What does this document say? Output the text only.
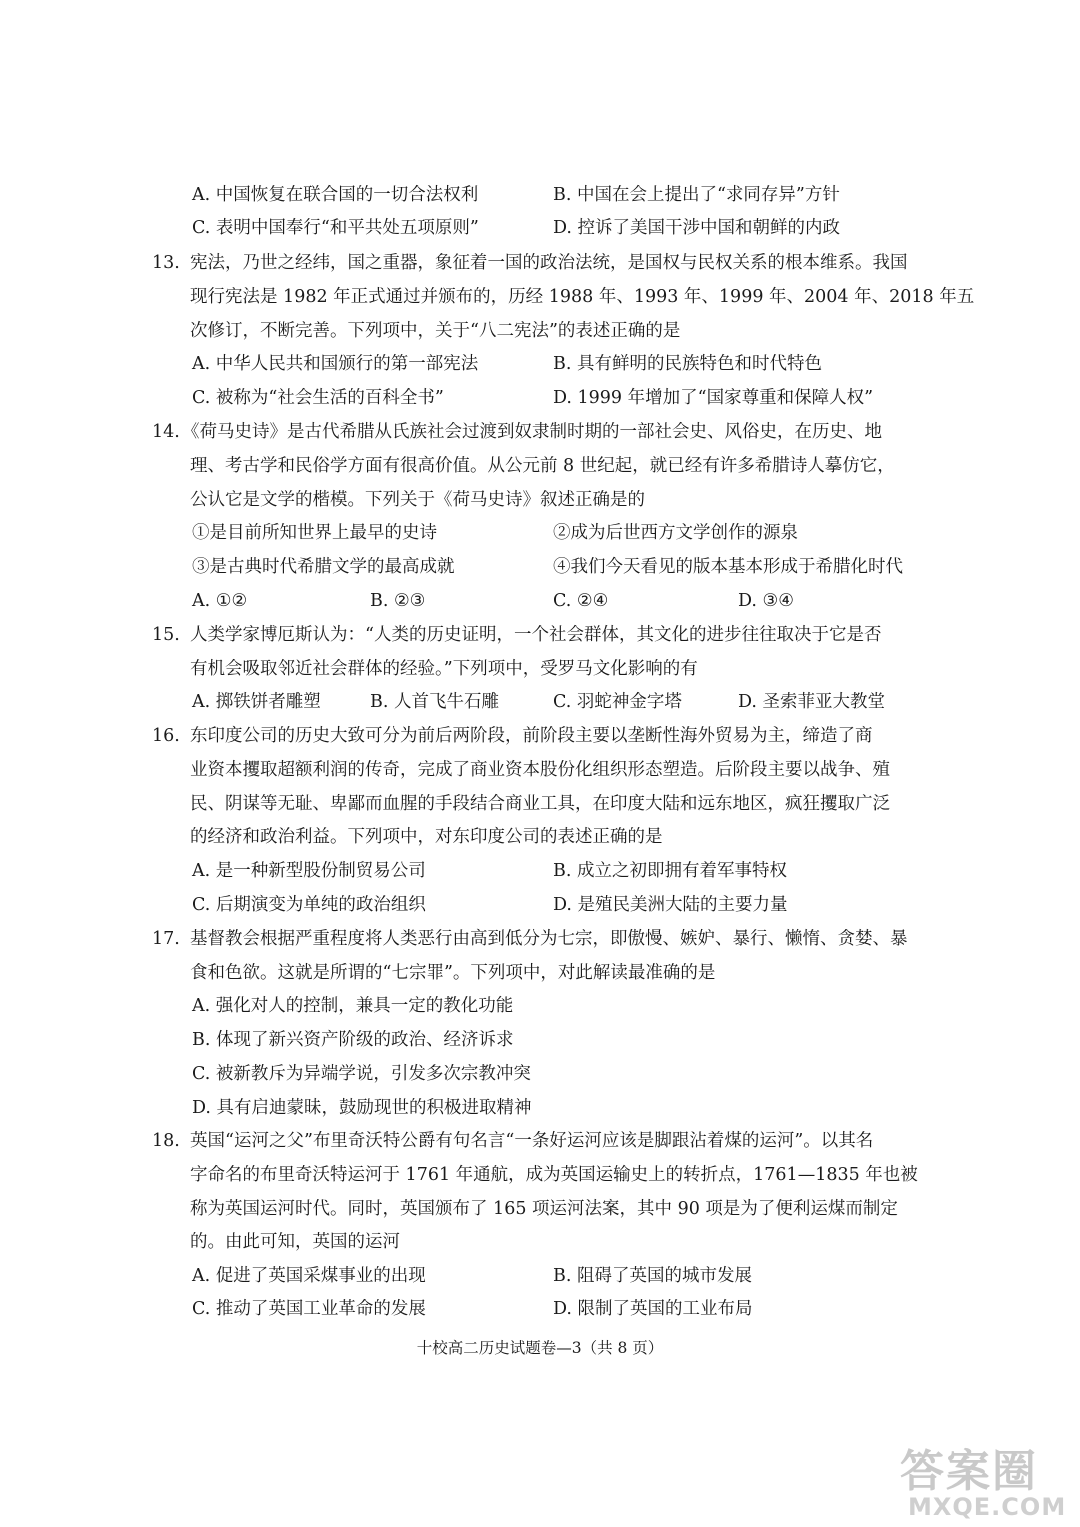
A. 中国恢复在联合国的一切合法权利	B. 中国在会上提出了“求同存异”方针
C. 表明中国奉行“和平共处五项原则”	D. 控诉了美国干涉中国和朝鲜的内政
13. 宪法，乃世之经纬，国之重器，象征着一国的政治法统，是国权与民权关系的根本维系。我国
现行宪法是 1982 年正式通过并颁布的，历经 1988 年、1993 年、1999 年、2004 年、2018 年五
次修订，不断完善。下列项中，关于“八二宪法”的表述正确的是
A. 中华人民共和国颁行的第一部宪法	B. 具有鲜明的民族特色和时代特色
C. 被称为“社会生活的百科全书”	D. 1999 年增加了“国家尊重和保障人权”
14. 《荷马史诗》是古代希腊从氏族社会过渡到奴隶制时期的一部社会史、风俗史，在历史、地
理、考古学和民俗学方面有很高价值。从公元前 8 世纪起，就已经有许多希腊诗人摹仿它，
公认它是文学的楷模。下列关于《荷马史诗》叙述正确是的
①是目前所知世界上最早的史诗	②成为后世西方文学创作的源泉
③是古典时代希腊文学的最高成就	④我们今天看见的版本基本形成于希腊化时代
A. ①②	B. ②③	C. ②④	D. ③④
15. 人类学家博厄斯认为：“人类的历史证明，一个社会群体，其文化的进步往往取决于它是否
有机会吸取邻近社会群体的经验。”下列项中，受罗马文化影响的有
A. 掷铁饼者雕塑	B. 人首飞牛石雕	C. 羽蛇神金字塔	D. 圣索菲亚大教堂
16. 东印度公司的历史大致可分为前后两阶段，前阶段主要以垄断性海外贸易为主，缔造了商
业资本攫取超额利润的传奇，完成了商业资本股份化组织形态塑造。后阶段主要以战争、殖
民、阴谋等无耻、卑鄙而血腥的手段结合商业工具，在印度大陆和远东地区，疯狂攫取广泛
的经济和政治利益。下列项中，对东印度公司的表述正确的是
A. 是一种新型股份制贸易公司	B. 成立之初即拥有着军事特权
C. 后期演变为单纯的政治组织	D. 是殖民美洲大陆的主要力量
17. 基督教会根据严重程度将人类恶行由高到低分为七宗，即傲慢、嫉妒、暴行、懒惰、贪婪、暴
食和色欲。这就是所谓的“七宗罪”。下列项中，对此解读最准确的是
A. 强化对人的控制，兼具一定的教化功能
B. 体现了新兴资产阶级的政治、经济诉求
C. 被新教斥为异端学说，引发多次宗教冲突
D. 具有启迪蒙昧，鼓励现世的积极进取精神
18. 英国“运河之父”布里奇沃特公爵有句名言“一条好运河应该是脚跟沾着煤的运河”。以其名
字命名的布里奇沃特运河于 1761 年通航，成为英国运输史上的转折点，1761—1835 年也被
称为英国运河时代。同时，英国颁布了 165 项运河法案，其中 90 项是为了便利运煤而制定
的。由此可知，英国的运河
A. 促进了英国采煤事业的出现	B. 阻碍了英国的城市发展
C. 推动了英国工业革命的发展	D. 限制了英国的工业布局
十校高二历史试题卷—3（共 8 页）
答案圈
MXQE.COM
